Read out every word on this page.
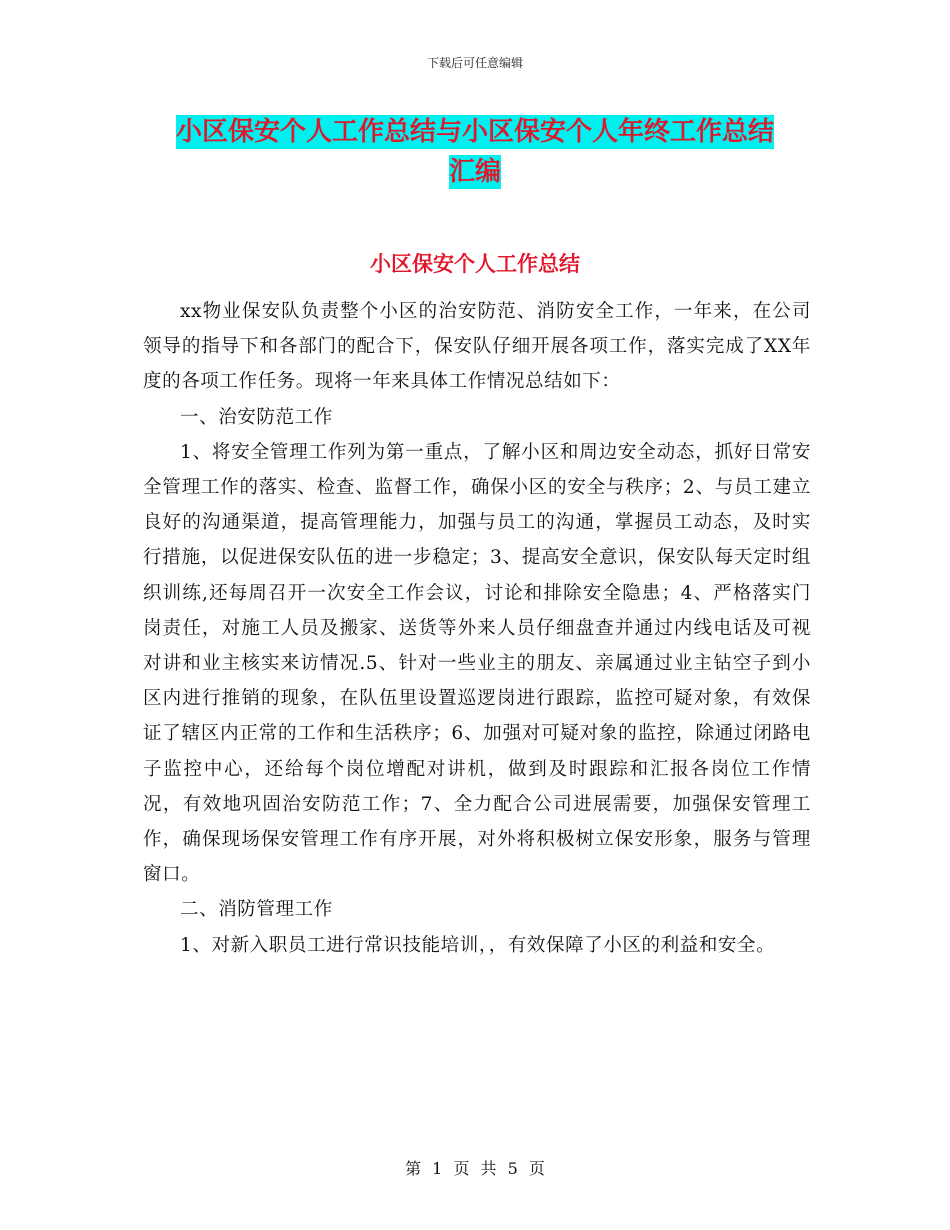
下载后可任意编辑
小区保安个人工作总结与小区保安个人年终工作总结
汇编
小区保安个人工作总结

xx物业保安队负责整个小区的治安防范、消防安全工作，一年来，在公司领导的指导下和各部门的配合下，保安队仔细开展各项工作，落实完成了XX年度的各项工作任务。现将一年来具体工作情况总结如下：

一、治安防范工作

1、将安全管理工作列为第一重点，了解小区和周边安全动态，抓好日常安全管理工作的落实、检查、监督工作，确保小区的安全与秩序；2、与员工建立良好的沟通渠道，提高管理能力，加强与员工的沟通，掌握员工动态，及时实行措施，以促进保安队伍的进一步稳定；3、提高安全意识，保安队每天定时组织训练,还每周召开一次安全工作会议，讨论和排除安全隐患；4、严格落实门岗责任，对施工人员及搬家、送货等外来人员仔细盘查并通过内线电话及可视对讲和业主核实来访情况.5、针对一些业主的朋友、亲属通过业主钻空子到小区内进行推销的现象，在队伍里设置巡逻岗进行跟踪，监控可疑对象，有效保证了辖区内正常的工作和生活秩序；6、加强对可疑对象的监控，除通过闭路电子监控中心，还给每个岗位增配对讲机，做到及时跟踪和汇报各岗位工作情况，有效地巩固治安防范工作；7、全力配合公司进展需要，加强保安管理工作，确保现场保安管理工作有序开展，对外将积极树立保安形象，服务与管理窗口。

二、消防管理工作

1、对新入职员工进行常识技能培训，，有效保障了小区的利益和安全。

第 1 页 共 5 页
